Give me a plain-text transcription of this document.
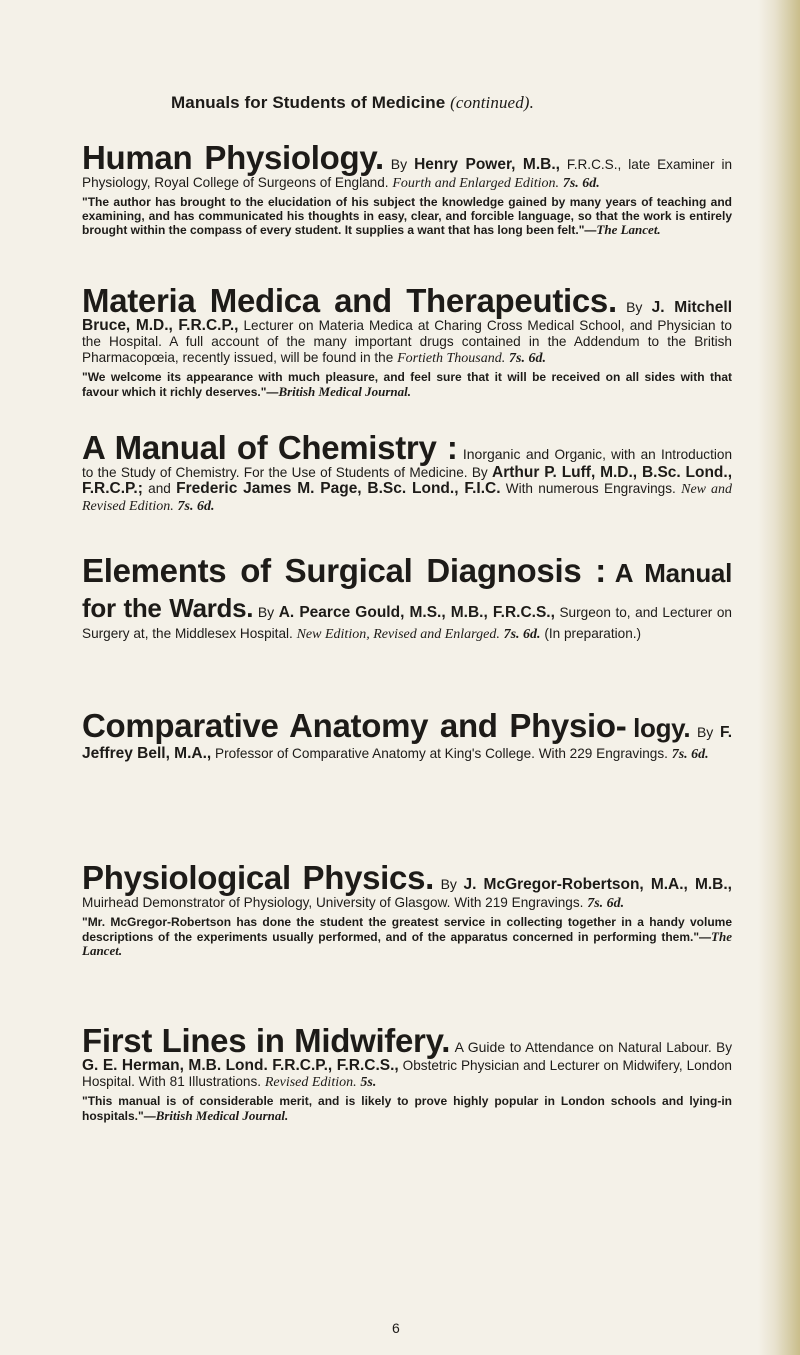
Manuals for Students of Medicine (continued).
Human Physiology. By Henry Power, M.B., F.R.C.S., late Examiner in Physiology, Royal College of Surgeons of England. Fourth and Enlarged Edition. 7s. 6d.
"The author has brought to the elucidation of his subject the knowledge gained by many years of teaching and examining, and has communicated his thoughts in easy, clear, and forcible language, so that the work is entirely brought within the compass of every student. It supplies a want that has long been felt."—The Lancet.
Materia Medica and Therapeutics. By J. Mitchell Bruce, M.D., F.R.C.P., Lecturer on Materia Medica at Charing Cross Medical School, and Physician to the Hospital. A full account of the many important drugs contained in the Addendum to the British Pharmacopœia, recently issued, will be found in the Fortieth Thousand. 7s. 6d.
"We welcome its appearance with much pleasure, and feel sure that it will be received on all sides with that favour which it richly deserves."—British Medical Journal.
A Manual of Chemistry : Inorganic and Organic, with an Introduction to the Study of Chemistry. For the Use of Students of Medicine. By Arthur P. Luff, M.D., B.Sc. Lond., F.R.C.P.; and Frederic James M. Page, B.Sc. Lond., F.I.C. With numerous Engravings. New and Revised Edition. 7s. 6d.
Elements of Surgical Diagnosis : A Manual for the Wards. By A. Pearce Gould, M.S., M.B., F.R.C.S., Surgeon to, and Lecturer on Surgery at, the Middlesex Hospital. New Edition, Revised and Enlarged. 7s. 6d. (In preparation.)
Comparative Anatomy and Physio- logy. By F. Jeffrey Bell, M.A., Professor of Comparative Anatomy at King's College. With 229 Engravings. 7s. 6d.
Physiological Physics. By J. McGregor-Robertson, M.A., M.B., Muirhead Demonstrator of Physiology, University of Glasgow. With 219 Engravings. 7s. 6d.
"Mr. McGregor-Robertson has done the student the greatest service in collecting together in a handy volume descriptions of the experiments usually performed, and of the apparatus concerned in performing them."—The Lancet.
First Lines in Midwifery. A Guide to Attendance on Natural Labour. By G. E. Herman, M.B. Lond. F.R.C.P., F.R.C.S., Obstetric Physician and Lecturer on Midwifery, London Hospital. With 81 Illustrations. Revised Edition. 5s.
"This manual is of considerable merit, and is likely to prove highly popular in London schools and lying-in hospitals."—British Medical Journal.
6
